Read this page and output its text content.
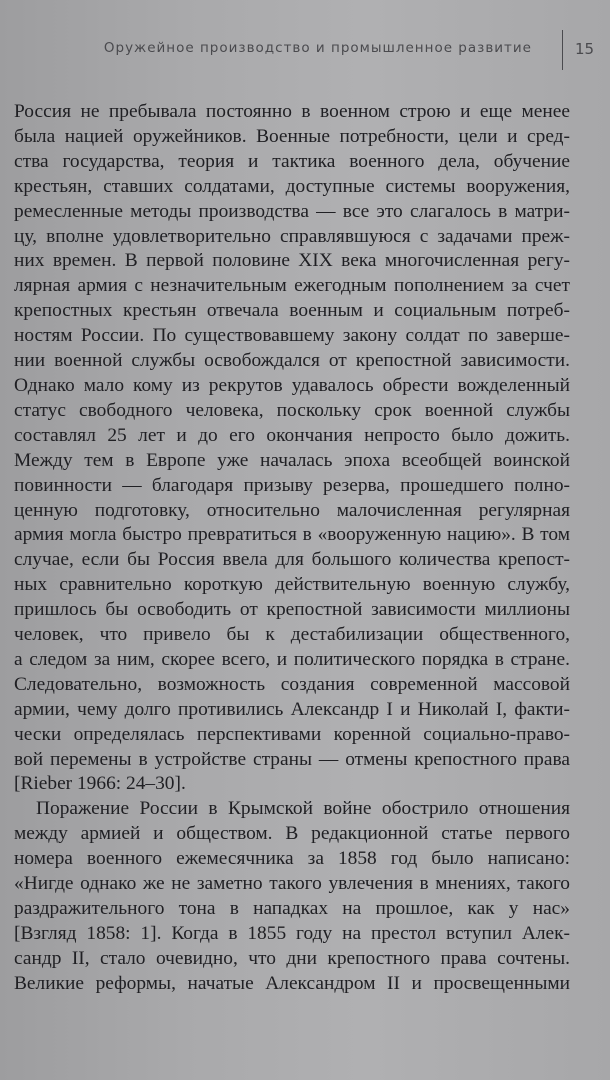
Оружейное производство и промышленное развитие	15
Россия не пребывала постоянно в военном строю и еще менее
была нацией оружейников. Военные потребности, цели и сред-
ства государства, теория и тактика военного дела, обучение
крестьян, ставших солдатами, доступные системы вооружения,
ремесленные методы производства — все это слагалось в матри-
цу, вполне удовлетворительно справлявшуюся с задачами преж-
них времен. В первой половине XIX века многочисленная регу-
лярная армия с незначительным ежегодным пополнением за счет
крепостных крестьян отвечала военным и социальным потреб-
ностям России. По существовавшему закону солдат по заверше-
нии военной службы освобождался от крепостной зависимости.
Однако мало кому из рекрутов удавалось обрести вожделенный
статус свободного человека, поскольку срок военной службы
составлял 25 лет и до его окончания непросто было дожить.
Между тем в Европе уже началась эпоха всеобщей воинской
повинности — благодаря призыву резерва, прошедшего полно-
ценную подготовку, относительно малочисленная регулярная
армия могла быстро превратиться в «вооруженную нацию». В том
случае, если бы Россия ввела для большого количества крепост-
ных сравнительно короткую действительную военную службу,
пришлось бы освободить от крепостной зависимости миллионы
человек, что привело бы к дестабилизации общественного,
а следом за ним, скорее всего, и политического порядка в стране.
Следовательно, возможность создания современной массовой
армии, чему долго противились Александр I и Николай I, факти-
чески определялась перспективами коренной социально-право-
вой перемены в устройстве страны — отмены крепостного права
[Rieber 1966: 24–30].
Поражение России в Крымской войне обострило отношения
между армией и обществом. В редакционной статье первого
номера военного ежемесячника за 1858 год было написано:
«Нигде однако же не заметно такого увлечения в мнениях, такого
раздражительного тона в нападках на прошлое, как у нас»
[Взгляд 1858: 1]. Когда в 1855 году на престол вступил Алек-
сандр II, стало очевидно, что дни крепостного права сочтены.
Великие реформы, начатые Александром II и просвещенными
